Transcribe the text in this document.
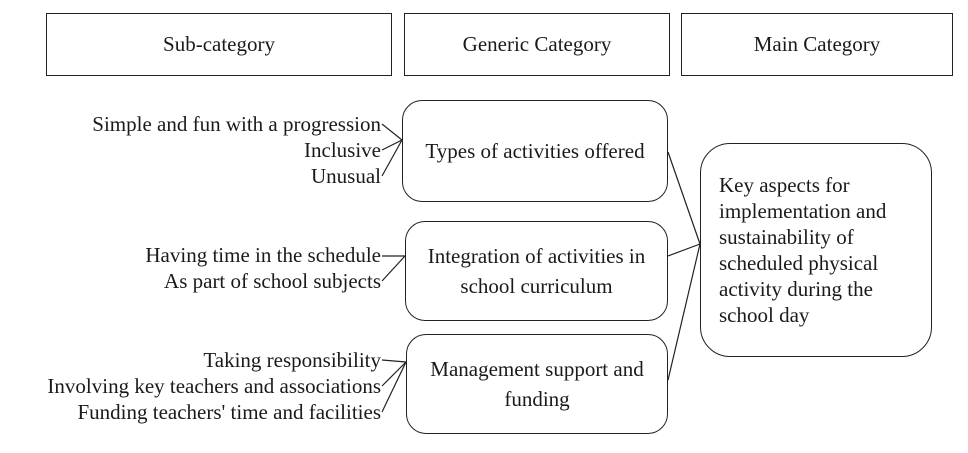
Sub-category	Generic Category	Main Category
Simple and fun with a progression
Inclusive
Unusual
Having time in the schedule
As part of school subjects
Taking responsibility
Involving key teachers and associations
Funding teachers' time and facilities
Types of activities offered
Integration of activities in school curriculum
Management support and funding
Key aspects for implementation and sustainability of scheduled physical activity during the school day
